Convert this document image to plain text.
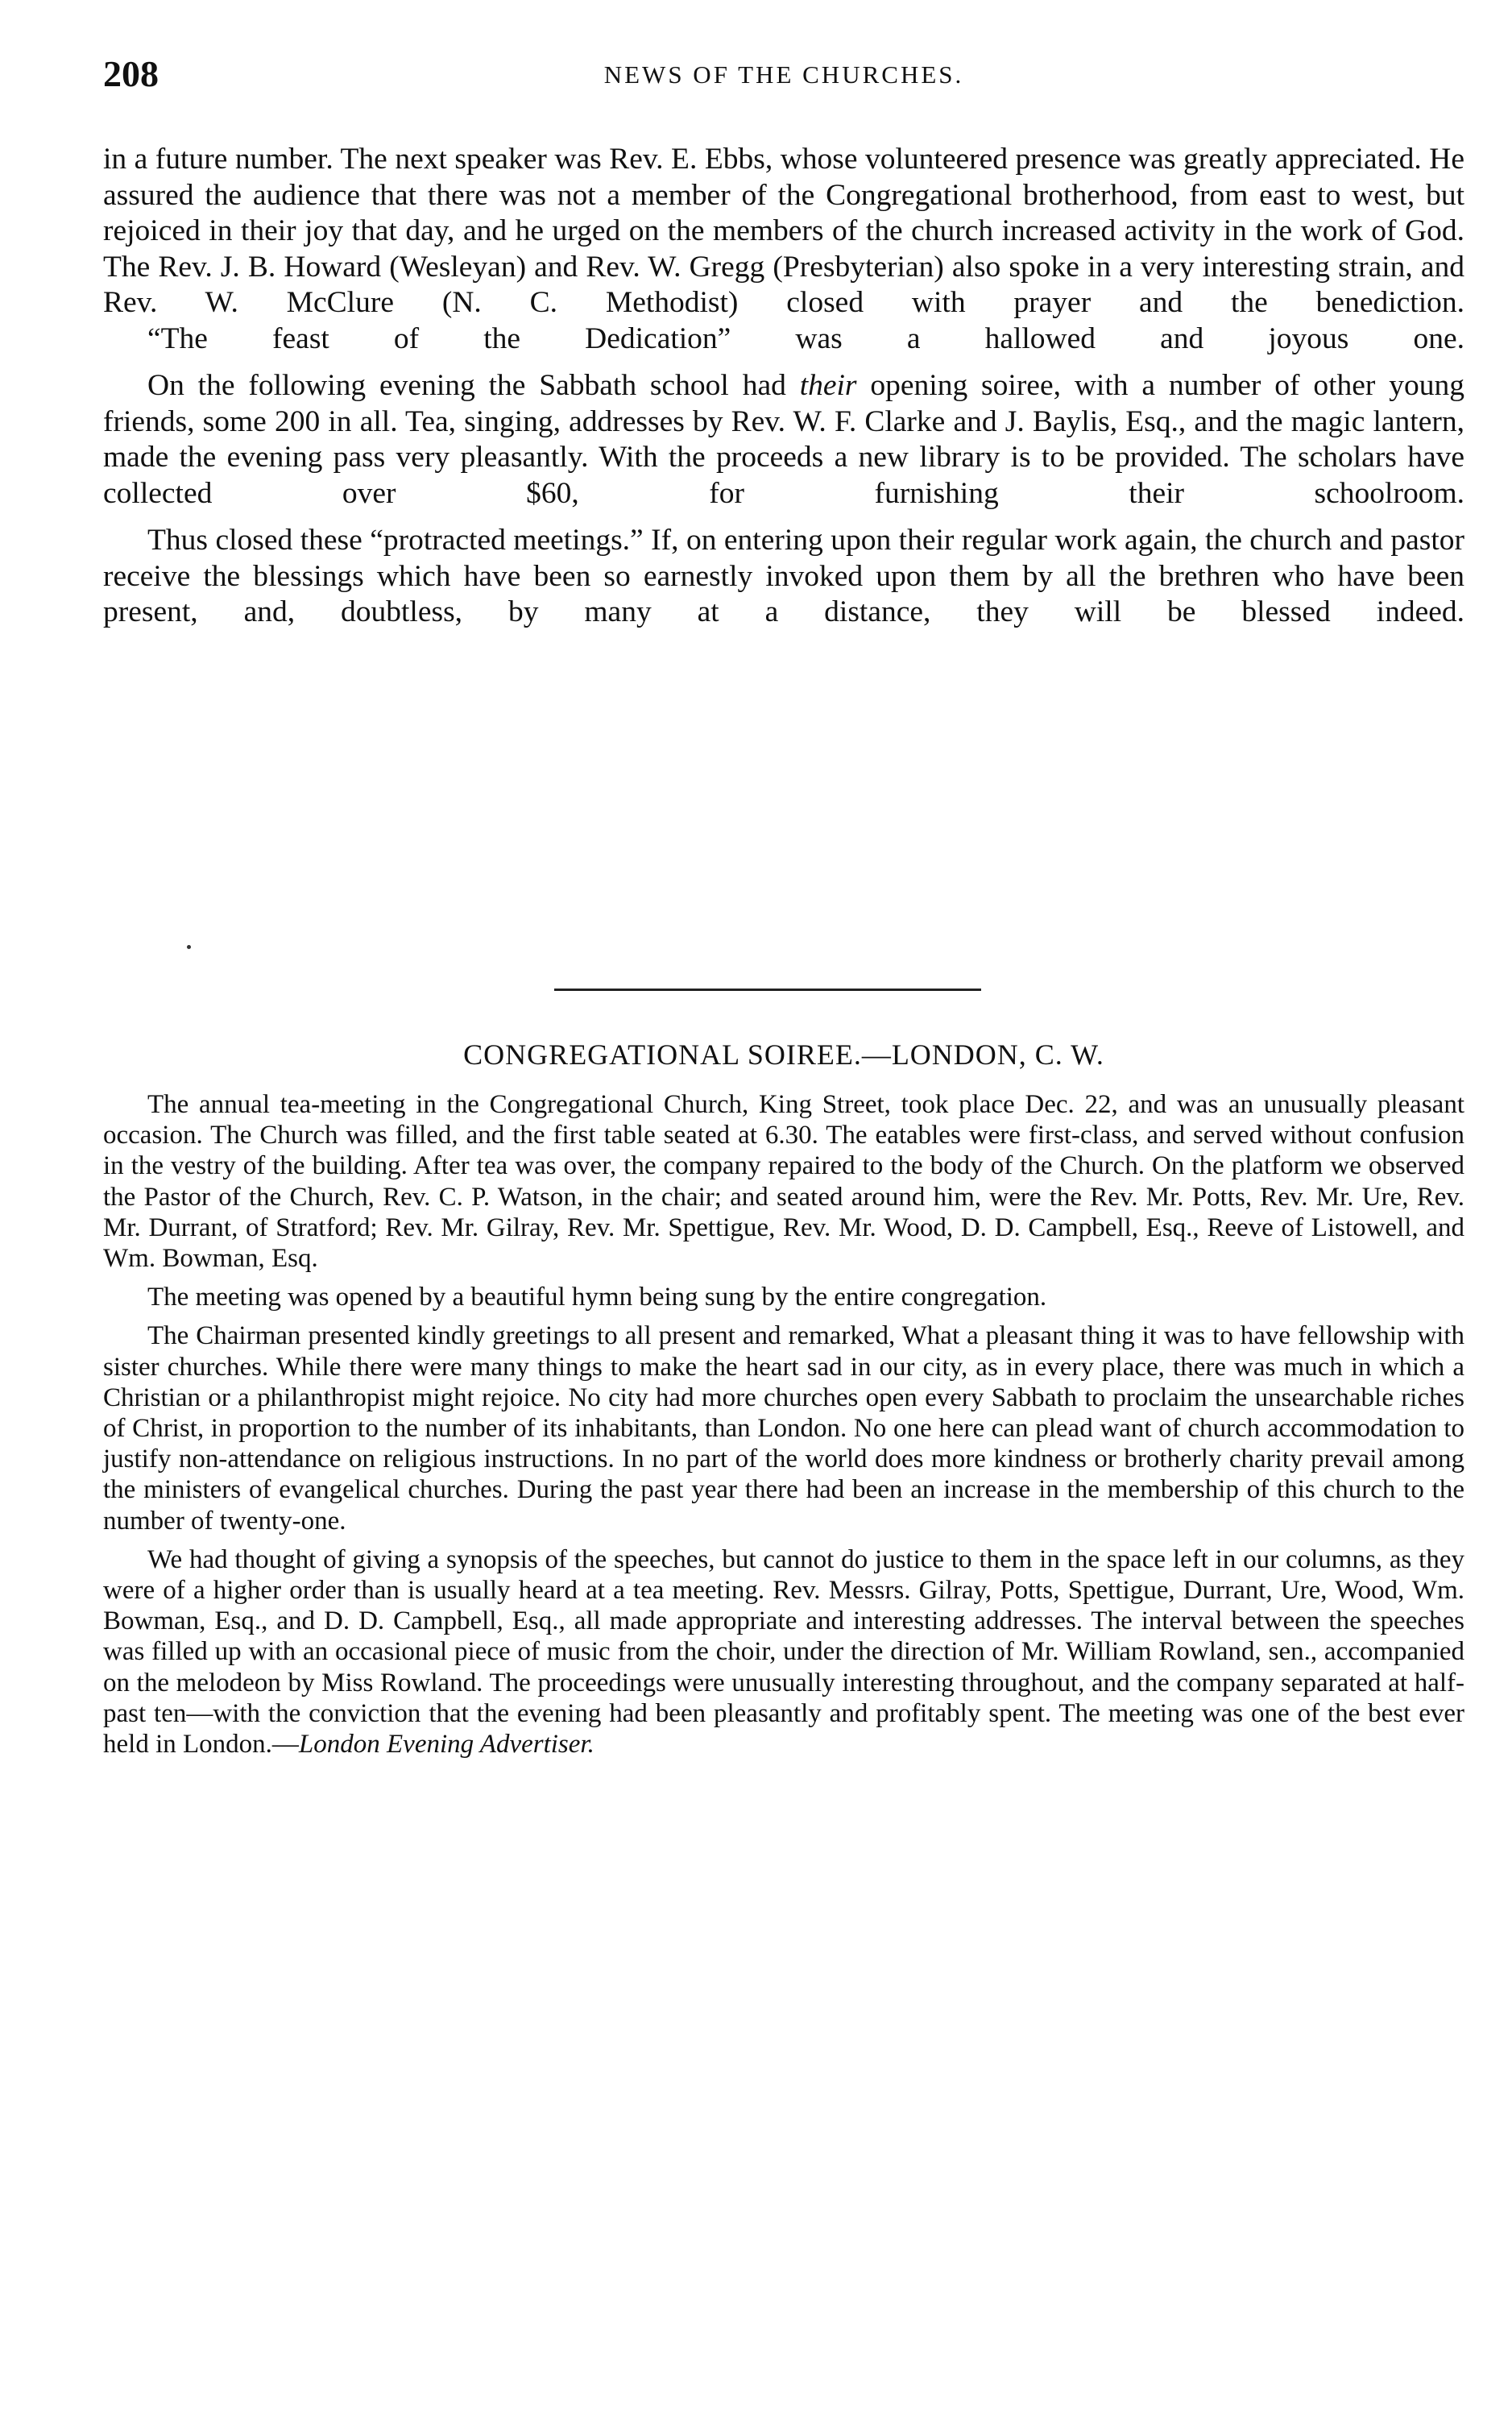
208	NEWS OF THE CHURCHES.

in a future number. The next speaker was Rev. E. Ebbs, whose volunteered presence was greatly appreciated. He assured the audience that there was not a member of the Congregational brotherhood, from east to west, but rejoiced in their joy that day, and he urged on the members of the church increased activity in the work of God. The Rev. J. B. Howard (Wesleyan) and Rev. W. Gregg (Presbyterian) also spoke in a very interesting strain, and Rev. W. McClure (N. C. Methodist) closed with prayer and the benediction.

“The feast of the Dedication” was a hallowed and joyous one.

On the following evening the Sabbath school had their opening soiree, with a number of other young friends, some 200 in all. Tea, singing, addresses by Rev. W. F. Clarke and J. Baylis, Esq., and the magic lantern, made the evening pass very pleasantly. With the proceeds a new library is to be provided. The scholars have collected over $60, for furnishing their schoolroom.

Thus closed these “protracted meetings.” If, on entering upon their regular work again, the church and pastor receive the blessings which have been so earnestly invoked upon them by all the brethren who have been present, and, doubtless, by many at a distance, they will be blessed indeed.

CONGREGATIONAL SOIREE.—LONDON, C. W.

The annual tea-meeting in the Congregational Church, King Street, took place Dec. 22, and was an unusually pleasant occasion. The Church was filled, and the first table seated at 6.30. The eatables were first-class, and served without confusion in the vestry of the building. After tea was over, the company repaired to the body of the Church. On the platform we observed the Pastor of the Church, Rev. C. P. Watson, in the chair; and seated around him, were the Rev. Mr. Potts, Rev. Mr. Ure, Rev. Mr. Durrant, of Stratford; Rev. Mr. Gilray, Rev. Mr. Spettigue, Rev. Mr. Wood, D. D. Campbell, Esq., Reeve of Listowell, and Wm. Bowman, Esq.

The meeting was opened by a beautiful hymn being sung by the entire congregation.

The Chairman presented kindly greetings to all present and remarked, What a pleasant thing it was to have fellowship with sister churches. While there were many things to make the heart sad in our city, as in every place, there was much in which a Christian or a philanthropist might rejoice. No city had more churches open every Sabbath to proclaim the unsearchable riches of Christ, in proportion to the number of its inhabitants, than London. No one here can plead want of church accommodation to justify non-attendance on religious instructions. In no part of the world does more kindness or brotherly charity prevail among the ministers of evangelical churches. During the past year there had been an increase in the membership of this church to the number of twenty-one.

We had thought of giving a synopsis of the speeches, but cannot do justice to them in the space left in our columns, as they were of a higher order than is usually heard at a tea meeting. Rev. Messrs. Gilray, Potts, Spettigue, Durrant, Ure, Wood, Wm. Bowman, Esq., and D. D. Campbell, Esq., all made appropriate and interesting addresses. The interval between the speeches was filled up with an occasional piece of music from the choir, under the direction of Mr. William Rowland, sen., accompanied on the melodeon by Miss Rowland. The proceedings were unusually interesting throughout, and the company separated at half-past ten—with the conviction that the evening had been pleasantly and profitably spent. The meeting was one of the best ever held in London.—London Evening Advertiser.
